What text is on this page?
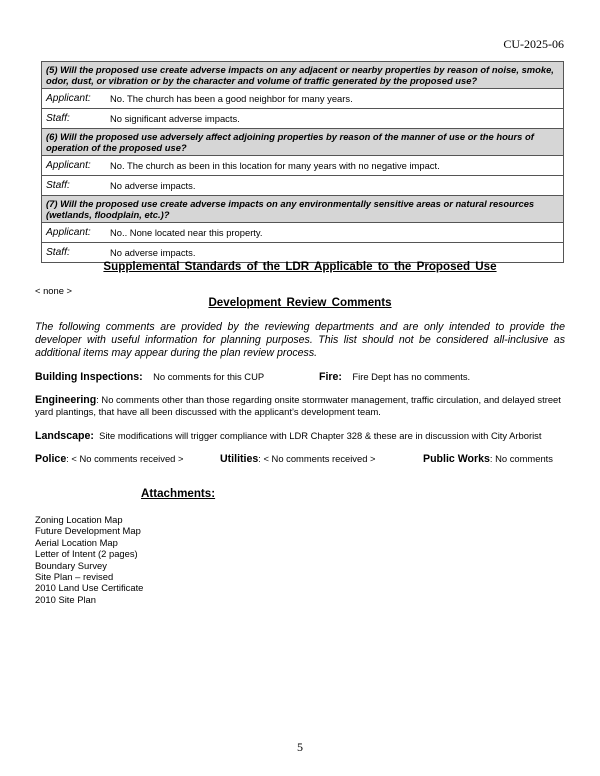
CU-2025-06
(5) Will the proposed use create adverse impacts on any adjacent or nearby properties by reason of noise, smoke, odor, dust, or vibration or by the character and volume of traffic generated by the proposed use?	
Applicant:	No. The church has been a good neighbor for many years.
Staff:	No significant adverse impacts.
(6) Will the proposed use adversely affect adjoining properties by reason of the manner of use or the hours of operation of the proposed use?	
Applicant:	No. The church as been in this location for many years with no negative impact.
Staff:	No adverse impacts.
(7) Will the proposed use create adverse impacts on any environmentally sensitive areas or natural resources (wetlands, floodplain, etc.)?	
Applicant:	No.. None located near this property.
Staff:	No adverse impacts.
Supplemental Standards of the LDR Applicable to the Proposed Use
< none >
Development Review Comments
The following comments are provided by the reviewing departments and are only intended to provide the developer with useful information for planning purposes. This list should not be considered all-inclusive as additional items may appear during the plan review process.
Building Inspections: No comments for this CUP	Fire: Fire Dept has no comments.
Engineering: No comments other than those regarding onsite stormwater management, traffic circulation, and delayed street yard plantings, that have all been discussed with the applicant’s development team.
Landscape: Site modifications will trigger compliance with LDR Chapter 328 & these are in discussion with City Arborist
Police: < No comments received >	Utilities: < No comments received >	Public Works: No comments
Attachments:
Zoning Location Map
Future Development Map
Aerial Location Map
Letter of Intent (2 pages)
Boundary Survey
Site Plan – revised
2010 Land Use Certificate
2010 Site Plan
5
